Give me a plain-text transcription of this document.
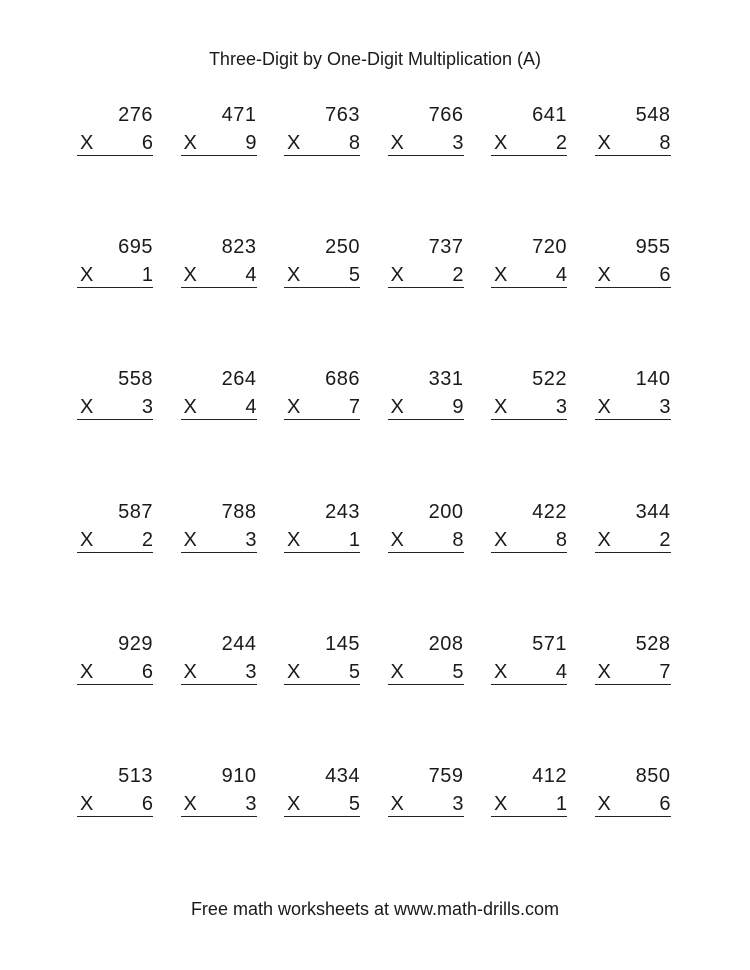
Three-Digit by One-Digit Multiplication (A)
276
X 6
471
X 9
763
X 8
766
X 3
641
X 2
548
X 8
695
X 1
823
X 4
250
X 5
737
X 2
720
X 4
955
X 6
558
X 3
264
X 4
686
X 7
331
X 9
522
X 3
140
X 3
587
X 2
788
X 3
243
X 1
200
X 8
422
X 8
344
X 2
929
X 6
244
X 3
145
X 5
208
X 5
571
X 4
528
X 7
513
X 6
910
X 3
434
X 5
759
X 3
412
X 1
850
X 6
Free math worksheets at www.math-drills.com
